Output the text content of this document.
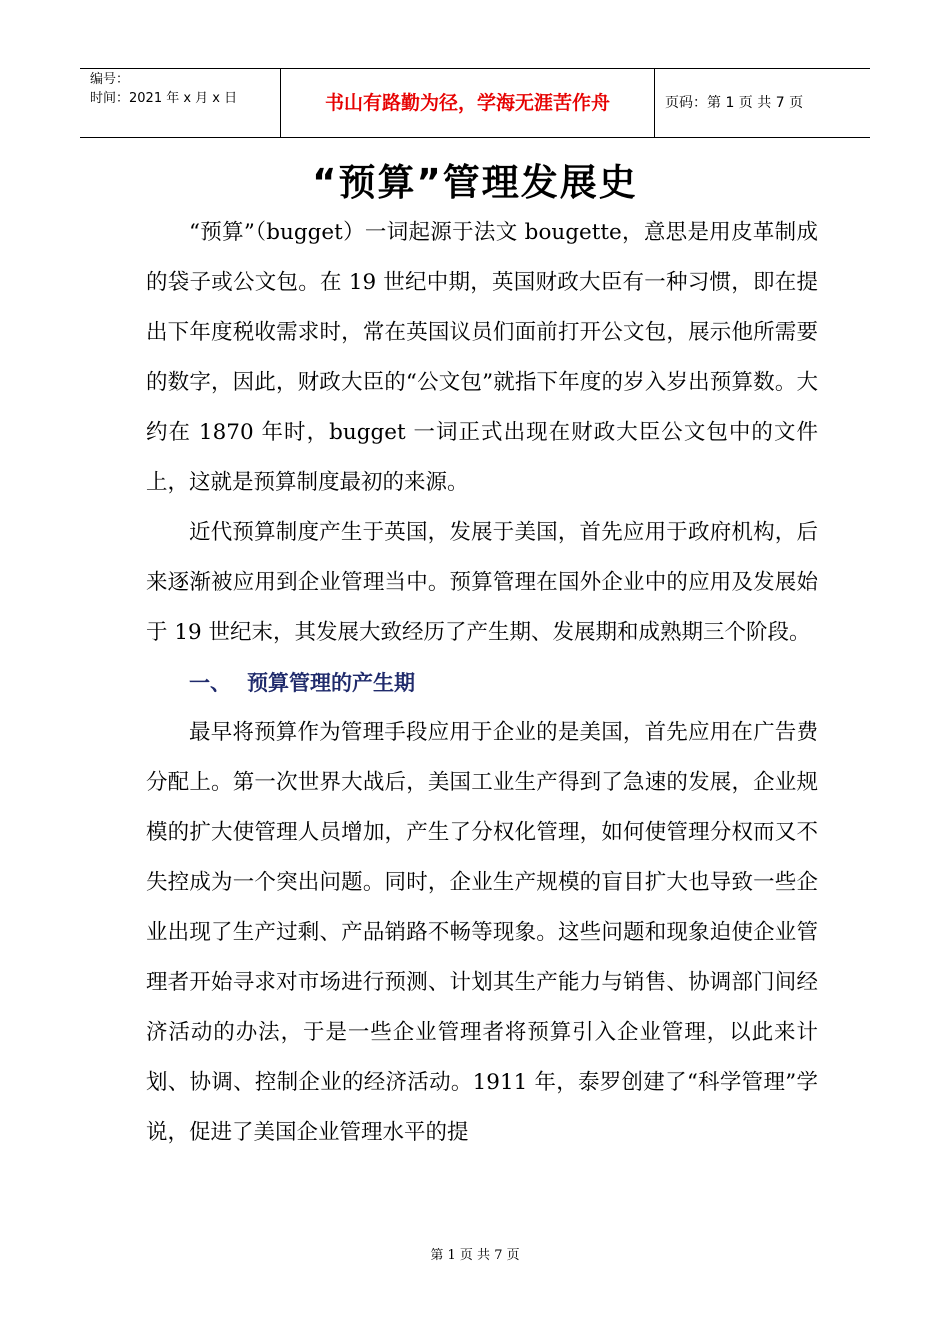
编号：
时间：2021 年 x 月 x 日	书山有路勤为径，学海无涯苦作舟	页码：第 1 页 共 7 页
“预算”管理发展史

“预算”（bugget）一词起源于法文 bougette，意思是用皮革制成的袋子或公文包。在 19 世纪中期，英国财政大臣有一种习惯，即在提出下年度税收需求时，常在英国议员们面前打开公文包，展示他所需要的数字，因此，财政大臣的“公文包”就指下年度的岁入岁出预算数。大约在 1870 年时，bugget 一词正式出现在财政大臣公文包中的文件上，这就是预算制度最初的来源。

近代预算制度产生于英国，发展于美国，首先应用于政府机构，后来逐渐被应用到企业管理当中。预算管理在国外企业中的应用及发展始于 19 世纪末，其发展大致经历了产生期、发展期和成熟期三个阶段。

一、 预算管理的产生期

最早将预算作为管理手段应用于企业的是美国，首先应用在广告费分配上。第一次世界大战后，美国工业生产得到了急速的发展，企业规模的扩大使管理人员增加，产生了分权化管理，如何使管理分权而又不失控成为一个突出问题。同时，企业生产规模的盲目扩大也导致一些企业出现了生产过剩、产品销路不畅等现象。这些问题和现象迫使企业管理者开始寻求对市场进行预测、计划其生产能力与销售、协调部门间经济活动的办法，于是一些企业管理者将预算引入企业管理，以此来计划、协调、控制企业的经济活动。1911 年，泰罗创建了“科学管理”学说，促进了美国企业管理水平的提

第 1 页 共 7 页
